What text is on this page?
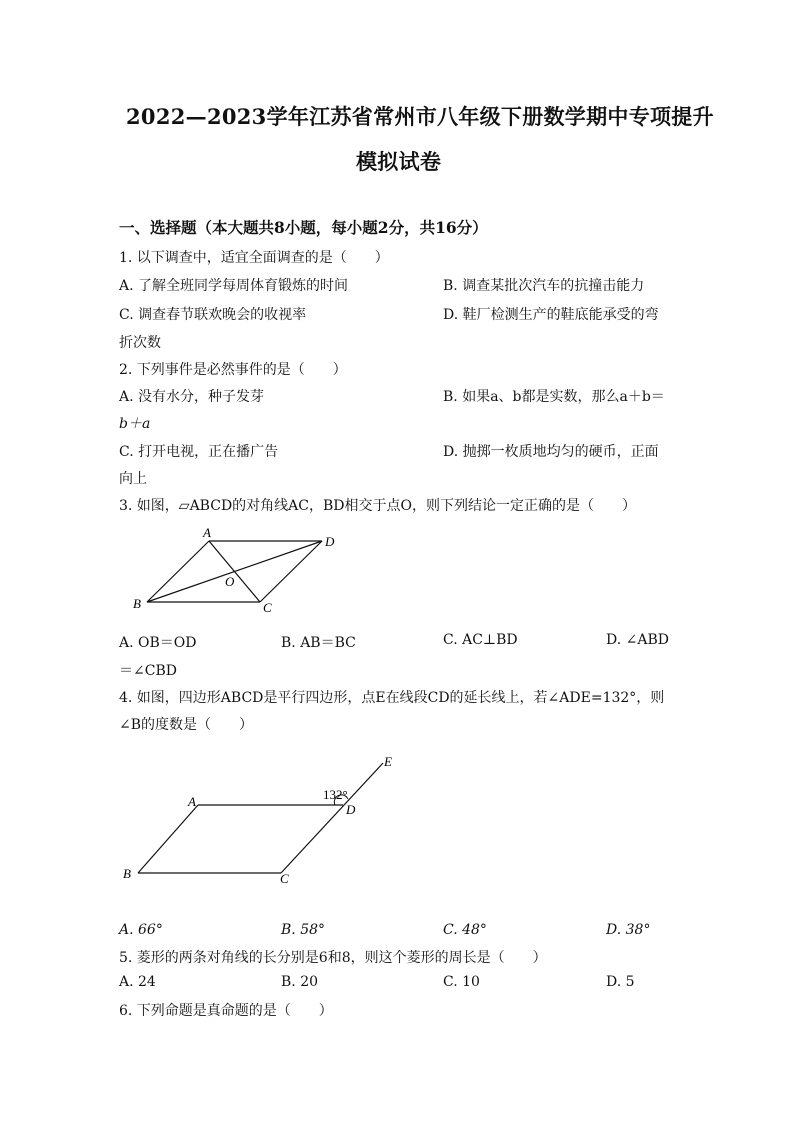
2022—2023学年江苏省常州市八年级下册数学期中专项提升
模拟试卷
一、选择题（本大题共8小题，每小题2分，共16分）
1. 以下调查中，适宜全面调查的是（　　）
A. 了解全班同学每周体育锻炼的时间	B. 调查某批次汽车的抗撞击能力
C. 调查春节联欢晚会的收视率	D. 鞋厂检测生产的鞋底能承受的弯
折次数
2. 下列事件是必然事件的是（　　）
A. 没有水分，种子发芽	B. 如果a、b都是实数，那么a＋b＝
b＋a
C. 打开电视，正在播广告	D. 抛掷一枚质地均匀的硬币，正面
向上
3. 如图，▱ABCD的对角线AC，BD相交于点O，则下列结论一定正确的是（　　）
A
D
O
B	C
A. OB＝OD	B. AB＝BC	C. AC⊥BD	D. ∠ABD
＝∠CBD
4. 如图，四边形ABCD是平行四边形，点E在线段CD的延长线上，若∠ADE=132°，则
∠B的度数是（　　）
E
132°
A
D
B	C
A. 66°	B. 58°	C. 48°	D. 38°
5. 菱形的两条对角线的长分别是6和8，则这个菱形的周长是（　　）
A. 24	B. 20	C. 10	D. 5
6. 下列命题是真命题的是（　　）
